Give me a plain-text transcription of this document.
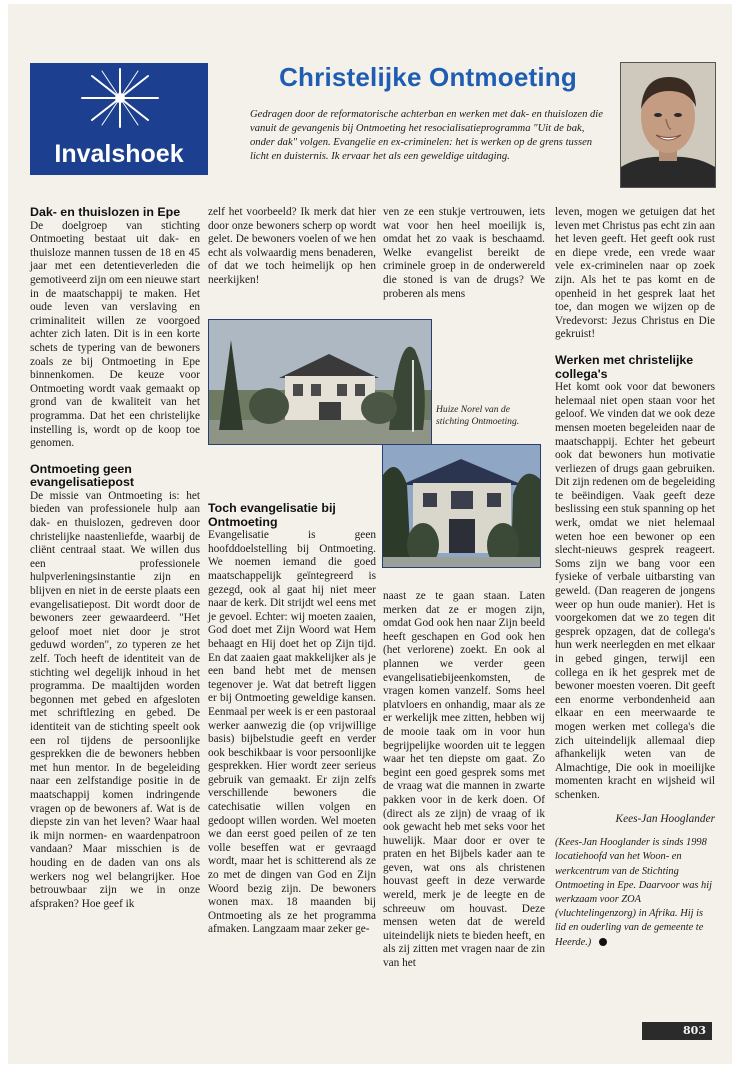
Invalshoek
Christelijke Ontmoeting
Gedragen door de reformatorische achterban en werken met dak- en thuislozen die vanuit de gevangenis bij Ontmoeting het resocialisatieprogramma "Uit de bak, onder dak" volgen. Evangelie en ex-criminelen: het is werken op de grens tussen licht en duisternis. Ik ervaar het als een geweldige uitdaging.
Dak- en thuislozen in Epe

De doelgroep van stichting Ontmoeting bestaat uit dak- en thuisloze mannen tussen de 18 en 45 jaar met een detentieverleden die gemotiveerd zijn om een nieuwe start in de maatschappij te maken. Het oude leven van verslaving en criminaliteit willen ze voorgoed achter zich laten. Dit is in een korte schets de typering van de bewoners zoals ze bij Ontmoeting in Epe binnenkomen. De keuze voor Ontmoeting wordt vaak gemaakt op grond van de kwaliteit van het programma. Dat het een christelijke instelling is, wordt op de koop toe genomen.

Ontmoeting geen evangelisatiepost

De missie van Ontmoeting is: het bieden van professionele hulp aan dak- en thuislozen, gedreven door christelijke naastenliefde, waarbij de cliënt centraal staat. We willen dus een professionele hulpverleningsinstantie zijn en blijven en niet in de eerste plaats een evangelisatiepost. Dit wordt door de bewoners zeer gewaardeerd. "Het geloof moet niet door je strot geduwd worden", zo typeren ze het zelf. Toch heeft de identiteit van de stichting wel degelijk inhoud in het programma. De maaltijden worden begonnen met gebed en afgesloten met schriftlezing en gebed. De identiteit van de stichting speelt ook een rol tijdens de persoonlijke gesprekken die de bewoners hebben met hun mentor. In de begeleiding naar een zelfstandige positie in de maatschappij komen indringende vragen op de bewoners af. Wat is de diepste zin van het leven? Waar haal ik mijn normen- en waardenpatroon vandaan? Maar misschien is de houding en de daden van ons als werkers nog wel belangrijker. Hoe betrouwbaar zijn we in onze afspraken? Hoe geef ik

zelf het voorbeeld? Ik merk dat hier door onze bewoners scherp op wordt gelet. De bewoners voelen of we hen echt als volwaardig mens benaderen, of dat we toch heimelijk op hen neerkijken!

ven ze een stukje vertrouwen, iets wat voor hen heel moeilijk is, omdat het zo vaak is beschaamd. Welke evangelist bereikt de criminele groep in de onderwereld die stoned is van de drugs? We proberen als mens

Huize Norel van de stichting Ontmoeting.
Toch evangelisatie bij Ontmoeting

Evangelisatie is geen hoofddoelstelling bij Ontmoeting. We noemen iemand die goed maatschappelijk geïntegreerd is gezegd, ook al gaat hij niet meer naar de kerk. Dit strijdt wel eens met je gevoel. Echter: wij moeten zaaien, God doet met Zijn Woord wat Hem behaagt en Hij doet het op Zijn tijd. En dat zaaien gaat makkelijker als je een band hebt met de mensen tegenover je. Wat dat betreft liggen er bij Ontmoeting geweldige kansen. Eenmaal per week is er een pastoraal werker aanwezig die (op vrijwillige basis) bijbelstudie geeft en verder ook beschikbaar is voor persoonlijke gesprekken. Hier wordt zeer serieus gebruik van gemaakt. Er zijn zelfs verschillende bewoners die catechisatie willen volgen en gedoopt willen worden. Wel moeten we dan eerst goed peilen of ze ten volle beseffen wat er gevraagd wordt, maar het is schitterend als ze zo met de dingen van God en Zijn Woord bezig zijn. De bewoners wonen max. 18 maanden bij Ontmoeting als ze het programma afmaken. Langzaam maar zeker ge-

naast ze te gaan staan. Laten merken dat ze er mogen zijn, omdat God ook hen naar Zijn beeld heeft geschapen en God ook hen (het verlorene) zoekt. En ook al plannen we verder geen evangelisatiebijeenkomsten, de vragen komen vanzelf. Soms heel platvloers en onhandig, maar als ze er werkelijk mee zitten, hebben wij de mooie taak om in voor hun begrijpelijke woorden uit te leggen waar het ten diepste om gaat. Zo begint een goed gesprek soms met de vraag wat die mannen in zwarte pakken voor in de kerk doen. Of (direct als ze zijn) de vraag of ik ook gewacht heb met seks voor het huwelijk. Maar door er over te praten en het Bijbels kader aan te geven, wat ons als christenen houvast geeft in deze verwarde wereld, merk je de leegte en de schreeuw om houvast. Deze mensen weten dat de wereld uiteindelijk niets te bieden heeft, en als zij zitten met vragen naar de zin van het

leven, mogen we getuigen dat het leven met Christus pas echt zin aan het leven geeft. Het geeft ook rust en diepe vrede, een vrede waar vele ex-criminelen naar op zoek zijn. Als het te pas komt en de openheid in het gesprek laat het toe, dan mogen we wijzen op de Vredevorst: Jezus Christus en Die gekruist!

Werken met christelijke collega's

Het komt ook voor dat bewoners helemaal niet open staan voor het geloof. We vinden dat we ook deze mensen moeten begeleiden naar de maatschappij. Echter het gebeurt ook dat bewoners hun motivatie verliezen of drugs gaan gebruiken. Dit zijn redenen om de begeleiding te beëindigen. Vaak geeft deze beslissing een stuk spanning op het werk, omdat we niet helemaal weten hoe een bewoner op een slecht-nieuws gesprek reageert. Soms zijn we bang voor een fysieke of verbale uitbarsting van geweld. (Dan reageren de jongens weer op hun oude manier). Het is voorgekomen dat we zo tegen dit gesprek opzagen, dat de collega's hun werk neerlegden en met elkaar in gebed gingen, terwijl een collega en ik het gesprek met de bewoner moesten voeren. Dit geeft een enorme verbondenheid aan elkaar en een meerwaarde te mogen werken met collega's die zich uiteindelijk allemaal diep afhankelijk weten van de Almachtige, Die ook in moeilijke momenten kracht en wijsheid wil schenken.

Kees-Jan Hooglander
(Kees-Jan Hooglander is sinds 1998 locatiehoofd van het Woon- en werkcentrum van de Stichting Ontmoeting in Epe. Daarvoor was hij werkzaam voor ZOA (vluchtelingenzorg) in Afrika. Hij is lid en ouderling van de gemeente te Heerde.)
803
